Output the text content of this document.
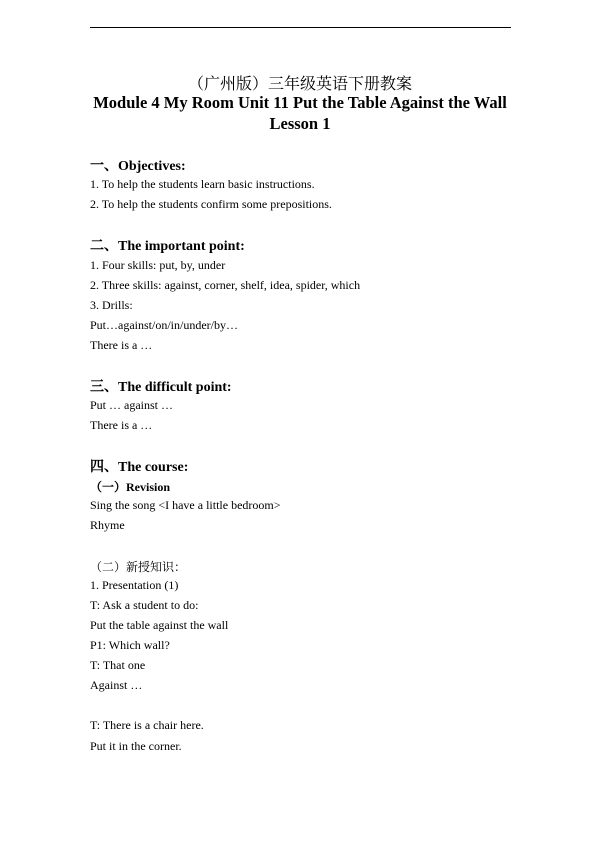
（广州版）三年级英语下册教案
Module 4 My Room Unit 11 Put the Table Against the Wall
Lesson 1
一、Objectives:
1. To help the students learn basic instructions.
2. To help the students confirm some prepositions.
二、The important point:
1. Four skills: put, by, under
2. Three skills: against, corner, shelf, idea, spider, which
3. Drills:
Put…against/on/in/under/by…
There is a …
三、The difficult point:
Put … against …
There is a …
四、The course:
（一）Revision
Sing the song <I have a little bedroom>
Rhyme
（二）新授知识：
1. Presentation (1)
T: Ask a student to do:
Put the table against the wall
P1: Which wall?
T: That one
Against …
T: There is a chair here.
Put it in the corner.
